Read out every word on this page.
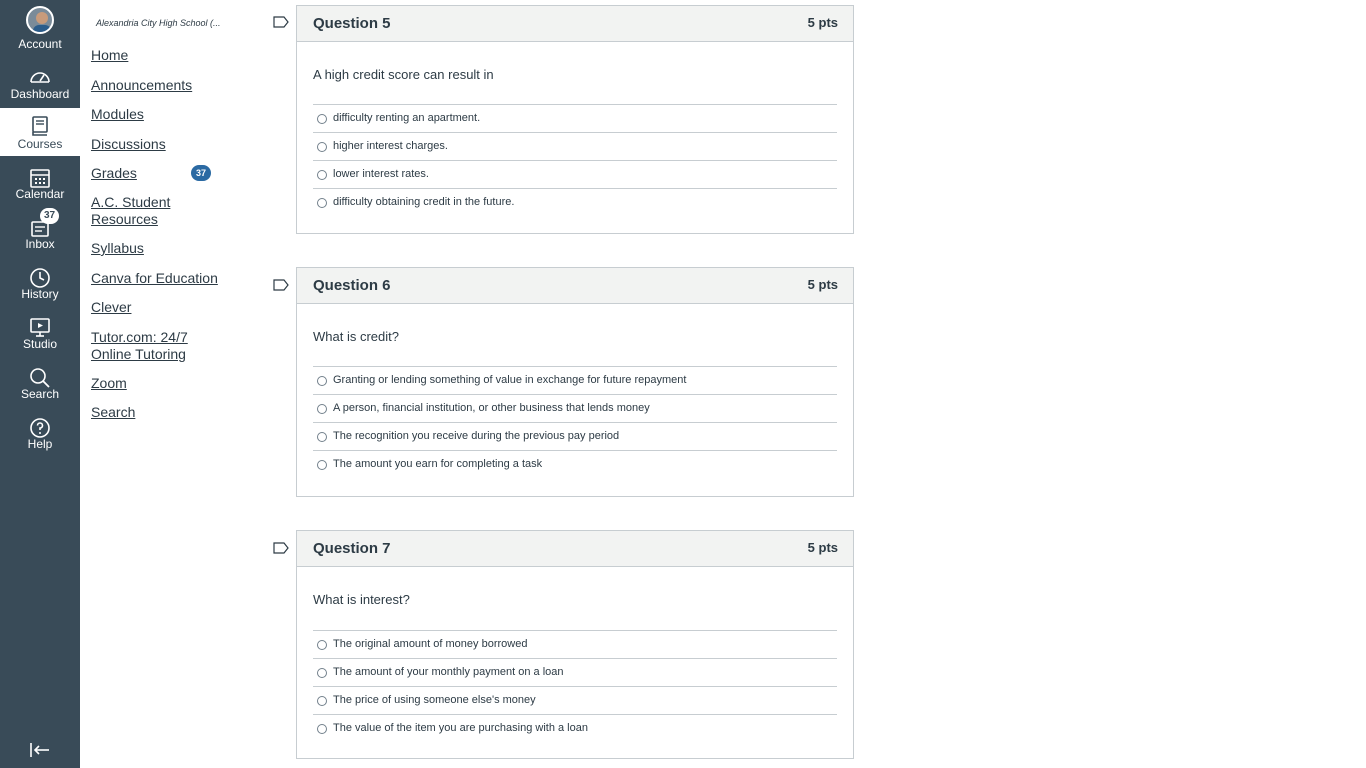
Account
Dashboard
Courses
Calendar
Inbox
37
History
Studio
Search
Help
Alexandria City High School (...
Home
Announcements
Modules
Discussions
Grades	37
A.C. Student Resources
Syllabus
Canva for Education
Clever
Tutor.com: 24/7 Online Tutoring
Zoom
Search
Question 5	5 pts
A high credit score can result in
difficulty renting an apartment.
higher interest charges.
lower interest rates.
difficulty obtaining credit in the future.
Question 6	5 pts
What is credit?
Granting or lending something of value in exchange for future repayment
A person, financial institution, or other business that lends money
The recognition you receive during the previous pay period
The amount you earn for completing a task
Question 7	5 pts
What is interest?
The original amount of money borrowed
The amount of your monthly payment on a loan
The price of using someone else's money
The value of the item you are purchasing with a loan
